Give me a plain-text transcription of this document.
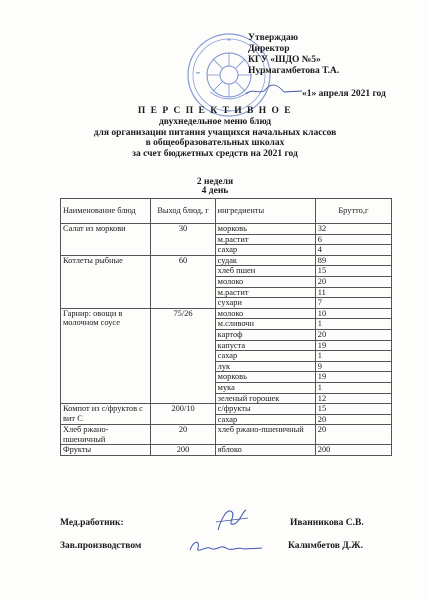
Утверждаю
Директор
КГУ «ШДО №5»
Нурмагамбетова Т.А.
«1» апреля 2021 год
П Е Р С П Е К Т И В Н О Е
двухнедельное меню блюд
для организации питания учащихся начальных классов
в общеобразовательных школах
за счет бюджетных средств на 2021 год
2 неделя
4 день
Наименование блюд	Выход блюд, г	ингредиенты	Брутто,г
Салат из моркови	30	морковь	32
		м.растит	6
		сахар	4
Котлеты рыбные	60	судак	89
		хлеб пшен	15
		молоко	20
		м.растит	11
		сухари	7
Гарнир: овощи в молочном соусе	75/26	молоко	10
		м.сливочн	1
		картоф	20
		капуста	19
		сахар	1
		лук	9
		морковь	19
		мука	1
		зеленый горошек	12
Компот из с/фруктов с вит С	200/10	с/фрукты	15
		сахар	20
Хлеб ржано-пшеничный	20	хлеб ржано-пшеничный	20
Фрукты	200	яблоко	200
Мед.работник:	Иванникова С.В.
Зав.производством	Калимбетов Д.Ж.
